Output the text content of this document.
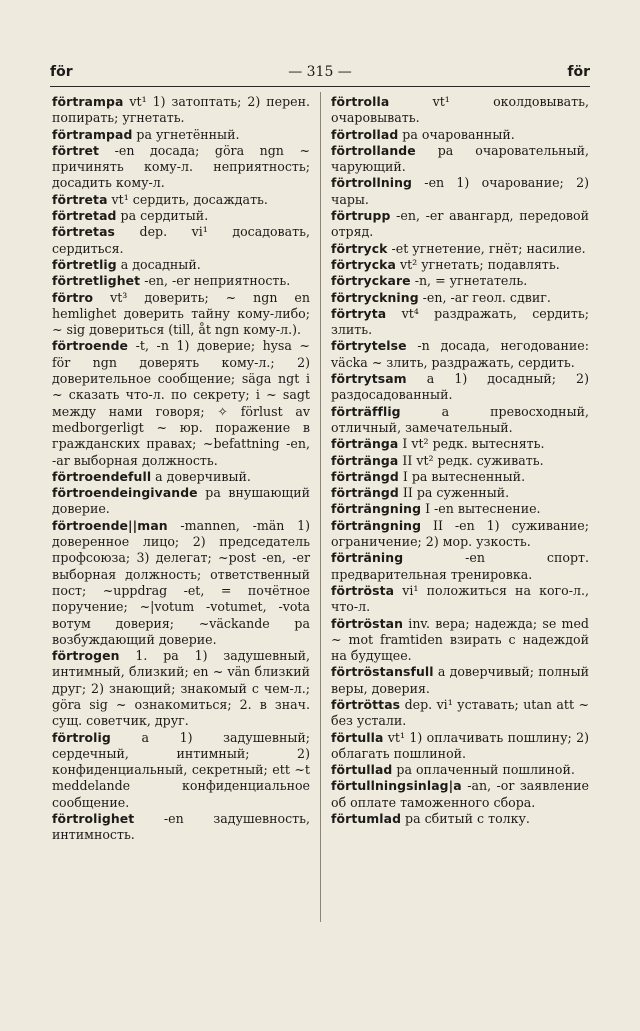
för	— 315 —	för

förtrampa vt¹ 1) затоптать; 2) перен. попирать; угнетать.

förtrampad pa угнетённый.

förtret -en досада; göra ngn ~ причинять кому-л. неприятность; досадить кому-л.

förtreta vt¹ сердить, досаждать.

förtretad pa сердитый.

förtretas dep. vi¹ досадовать, сердиться.

förtretlig a досадный.

förtretlighet -en, -er неприятность.

förtro vt³ доверить; ~ ngn en hemlighet доверить тайну кому-либо; ~ sig довериться (till, åt ngn кому-л.).

förtroende -t, -n 1) доверие; hysa ~ för ngn доверять кому-л.; 2) доверительное сообщение; säga ngt i ~ сказать что-л. по секрету; i ~ sagt между нами говоря; ✧ förlust av medborgerligt ~ юр. поражение в гражданских правах; ~befattning -en, -ar выборная должность.

förtroendefull a доверчивый.

förtroendeingivande pa внушающий доверие.

förtroende||man -mannen, -män 1) доверенное лицо; 2) председатель профсоюза; 3) делегат; ~post -en, -er выборная должность; ответственный пост; ~uppdrag -et, = почётное поручение; ~|votum -votumet, -vota вотум доверия; ~väckande pa возбуждающий доверие.

förtrogen 1. pa 1) задушевный, интимный, близкий; en ~ vän близкий друг; 2) знающий; знакомый с чем-л.; göra sig ~ ознакомиться; 2. в знач. сущ. советчик, друг.

förtrolig a 1) задушевный; сердечный, интимный; 2) конфиденциальный, секретный; ett ~t meddelande конфиденциальное сообщение.

förtrolighet -en задушевность, интимность.

förtrolla vt¹ околдовывать, очаровывать.

förtrollad pa очарованный.

förtrollande pa очаровательный, чарующий.

förtrollning -en 1) очарование; 2) чары.

förtrupp -en, -er авангард, передовой отряд.

förtryck -et угнетение, гнёт; насилие.

förtrycka vt² угнетать; подавлять.

förtryckare -n, = угнетатель.

förtryckning -en, -ar геол. сдвиг.

förtryta vt⁴ раздражать, сердить; злить.

förtrytelse -n досада, негодование: väcka ~ злить, раздражать, сердить.

förtrytsam a 1) досадный; 2) раздосадованный.

förträfflig a превосходный, отличный, замечательный.

förtränga I vt² редк. вытеснять.

förtränga II vt² редк. суживать.

förträngd I pa вытесненный.

förträngd II pa суженный.

förträngning I -en вытеснение.

förträngning II -en 1) суживание; ограничение; 2) мор. узкость.

förträning -en спорт. предварительная тренировка.

förtrösta vi¹ положиться на кого-л., что-л.

förtröstan inv. вера; надежда; se med ~ mot framtiden взирать с надеждой на будущее.

förtröstansfull a доверчивый; полный веры, доверия.

förtröttas dep. vi¹ уставать; utan att ~ без устали.

förtulla vt¹ 1) оплачивать пошлину; 2) облагать пошлиной.

förtullad pa оплаченный пошлиной.

förtullningsinlag|a -an, -or заявление об оплате таможенного сбора.

förtumlad pa сбитый с толку.
